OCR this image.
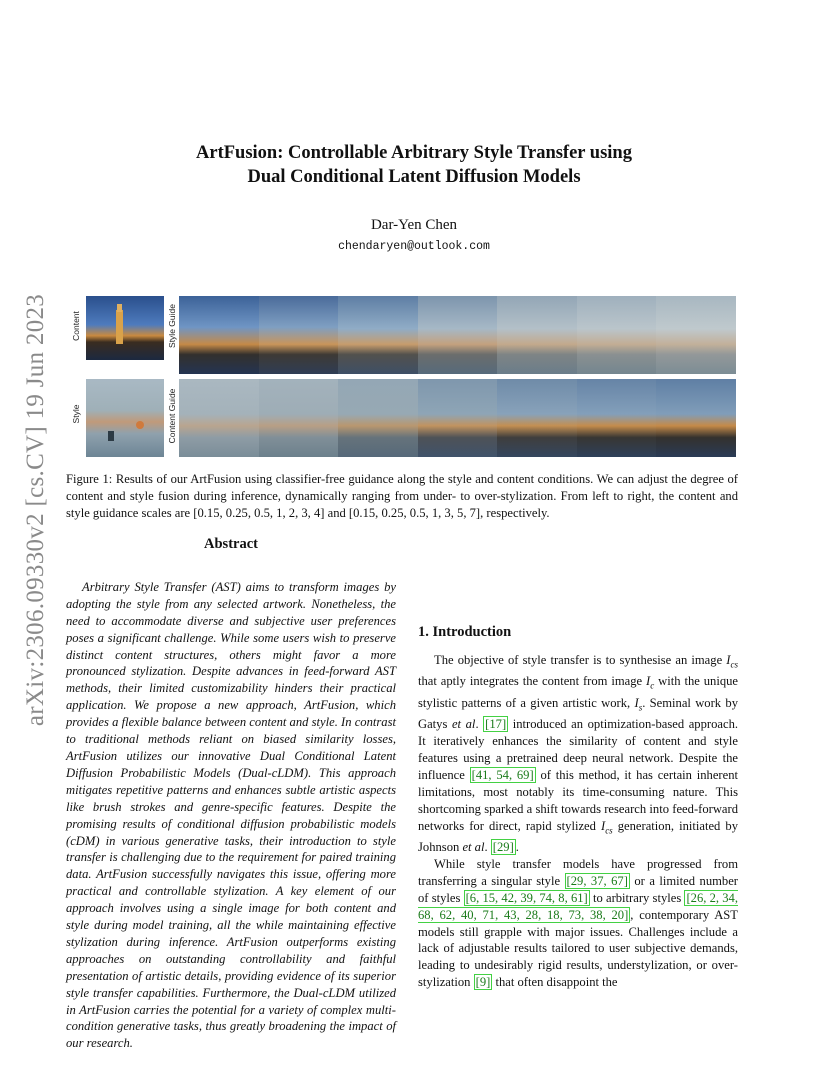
arXiv:2306.09330v2 [cs.CV] 19 Jun 2023
ArtFusion: Controllable Arbitrary Style Transfer using
Dual Conditional Latent Diffusion Models
Dar-Yen Chen
chendaryen@outlook.com
Content
Style
Style Guide
Content Guide
Figure 1: Results of our ArtFusion using classifier-free guidance along the style and content conditions. We can adjust the degree of content and style fusion during inference, dynamically ranging from under- to over-stylization. From left to right, the content and style guidance scales are [0.15, 0.25, 0.5, 1, 2, 3, 4] and [0.15, 0.25, 0.5, 1, 3, 5, 7], respectively.
Abstract

Arbitrary Style Transfer (AST) aims to transform images by adopting the style from any selected artwork. Nonetheless, the need to accommodate diverse and subjective user preferences poses a significant challenge. While some users wish to preserve distinct content structures, others might favor a more pronounced stylization. Despite advances in feed-forward AST methods, their limited customizability hinders their practical application. We propose a new approach, ArtFusion, which provides a flexible balance between content and style. In contrast to traditional methods reliant on biased similarity losses, ArtFusion utilizes our innovative Dual Conditional Latent Diffusion Probabilistic Models (Dual-cLDM). This approach mitigates repetitive patterns and enhances subtle artistic aspects like brush strokes and genre-specific features. Despite the promising results of conditional diffusion probabilistic models (cDM) in various generative tasks, their introduction to style transfer is challenging due to the requirement for paired training data. ArtFusion successfully navigates this issue, offering more practical and controllable stylization. A key element of our approach involves using a single image for both content and style during model training, all the while maintaining effective stylization during inference. ArtFusion outperforms existing approaches on outstanding controllability and faithful presentation of artistic details, providing evidence of its superior style transfer capabilities. Furthermore, the Dual-cLDM utilized in ArtFusion carries the potential for a variety of complex multi-condition generative tasks, thus greatly broadening the impact of our research.

1. Introduction

The objective of style transfer is to synthesise an image $I_{cs}$ that aptly integrates the content from image $I_c$ with the unique stylistic patterns of a given artistic work, $I_s$. Seminal work by Gatys et al. [17] introduced an optimization-based approach. It iteratively enhances the similarity of content and style features using a pretrained deep neural network. Despite the influence [41, 54, 69] of this method, it has certain inherent limitations, most notably its time-consuming nature. This shortcoming sparked a shift towards research into feed-forward networks for direct, rapid stylized $I_{cs}$ generation, initiated by Johnson et al. [29] .

While style transfer models have progressed from transferring a singular style [29, 37, 67] or a limited number of styles [6, 15, 42, 39, 74, 8, 61] to arbitrary styles [26, 2, 34, 68, 62, 40, 71, 43, 28, 18, 73, 38, 20] , contemporary AST models still grapple with major issues. Challenges include a lack of adjustable results tailored to user subjective demands, leading to undesirably rigid results, understylization, or over-stylization [9] that often disappoint the
